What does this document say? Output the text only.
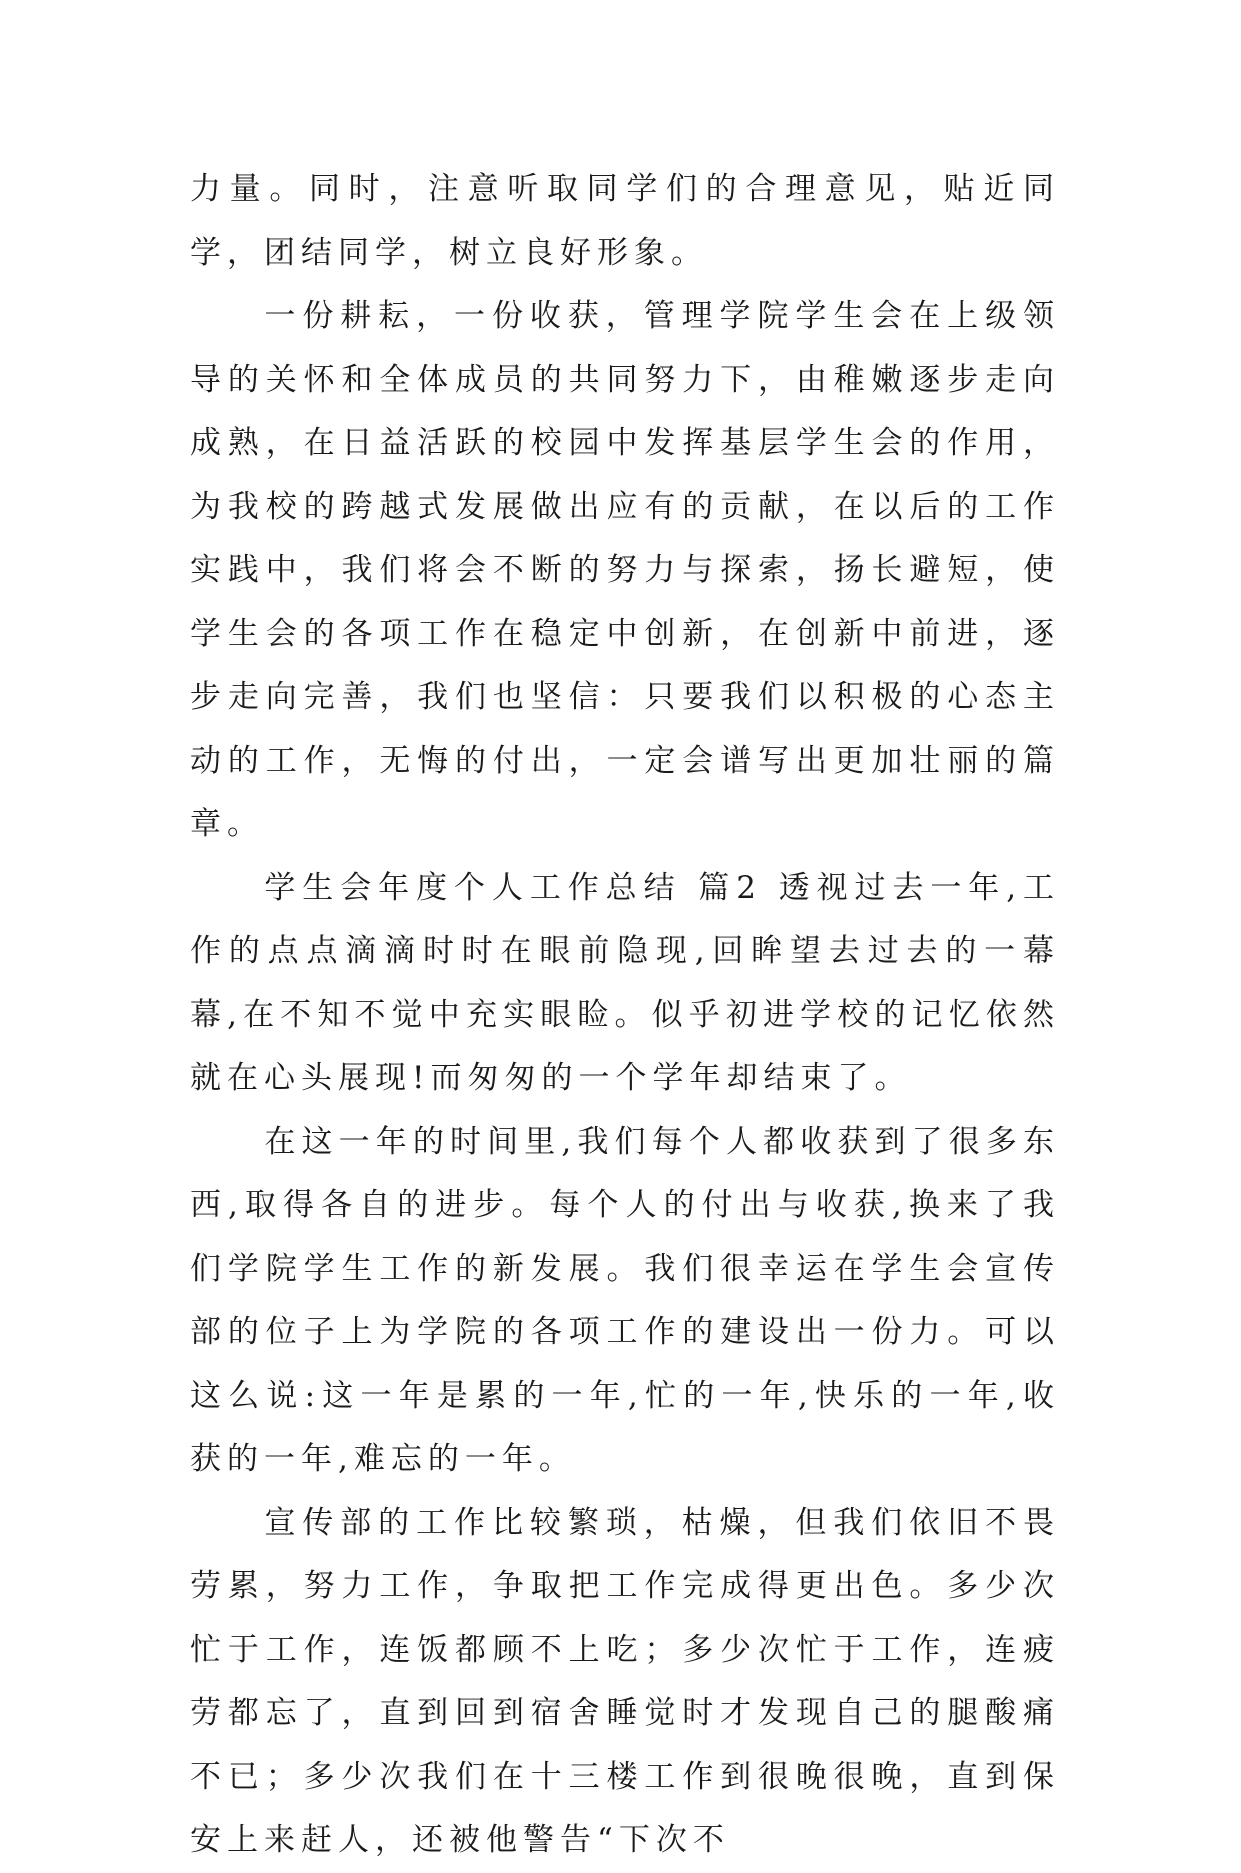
力量。同时，注意听取同学们的合理意见，贴近同学，团结同学，树立良好形象。

一份耕耘，一份收获，管理学院学生会在上级领导的关怀和全体成员的共同努力下，由稚嫩逐步走向成熟，在日益活跃的校园中发挥基层学生会的作用，为我校的跨越式发展做出应有的贡献，在以后的工作实践中，我们将会不断的努力与探索，扬长避短，使学生会的各项工作在稳定中创新，在创新中前进，逐步走向完善，我们也坚信：只要我们以积极的心态主动的工作，无悔的付出，一定会谱写出更加壮丽的篇章。

学生会年度个人工作总结 篇2 透视过去一年,工作的点点滴滴时时在眼前隐现,回眸望去过去的一幕幕,在不知不觉中充实眼睑。似乎初进学校的记忆依然就在心头展现!而匆匆的一个学年却结束了。

在这一年的时间里,我们每个人都收获到了很多东西,取得各自的进步。每个人的付出与收获,换来了我们学院学生工作的新发展。我们很幸运在学生会宣传部的位子上为学院的各项工作的建设出一份力。可以这么说:这一年是累的一年,忙的一年,快乐的一年,收获的一年,难忘的一年。

宣传部的工作比较繁琐，枯燥，但我们依旧不畏劳累，努力工作，争取把工作完成得更出色。多少次忙于工作，连饭都顾不上吃；多少次忙于工作，连疲劳都忘了，直到回到宿舍睡觉时才发现自己的腿酸痛不已；多少次我们在十三楼工作到很晚很晚，直到保安上来赶人，还被他警告“下次不
